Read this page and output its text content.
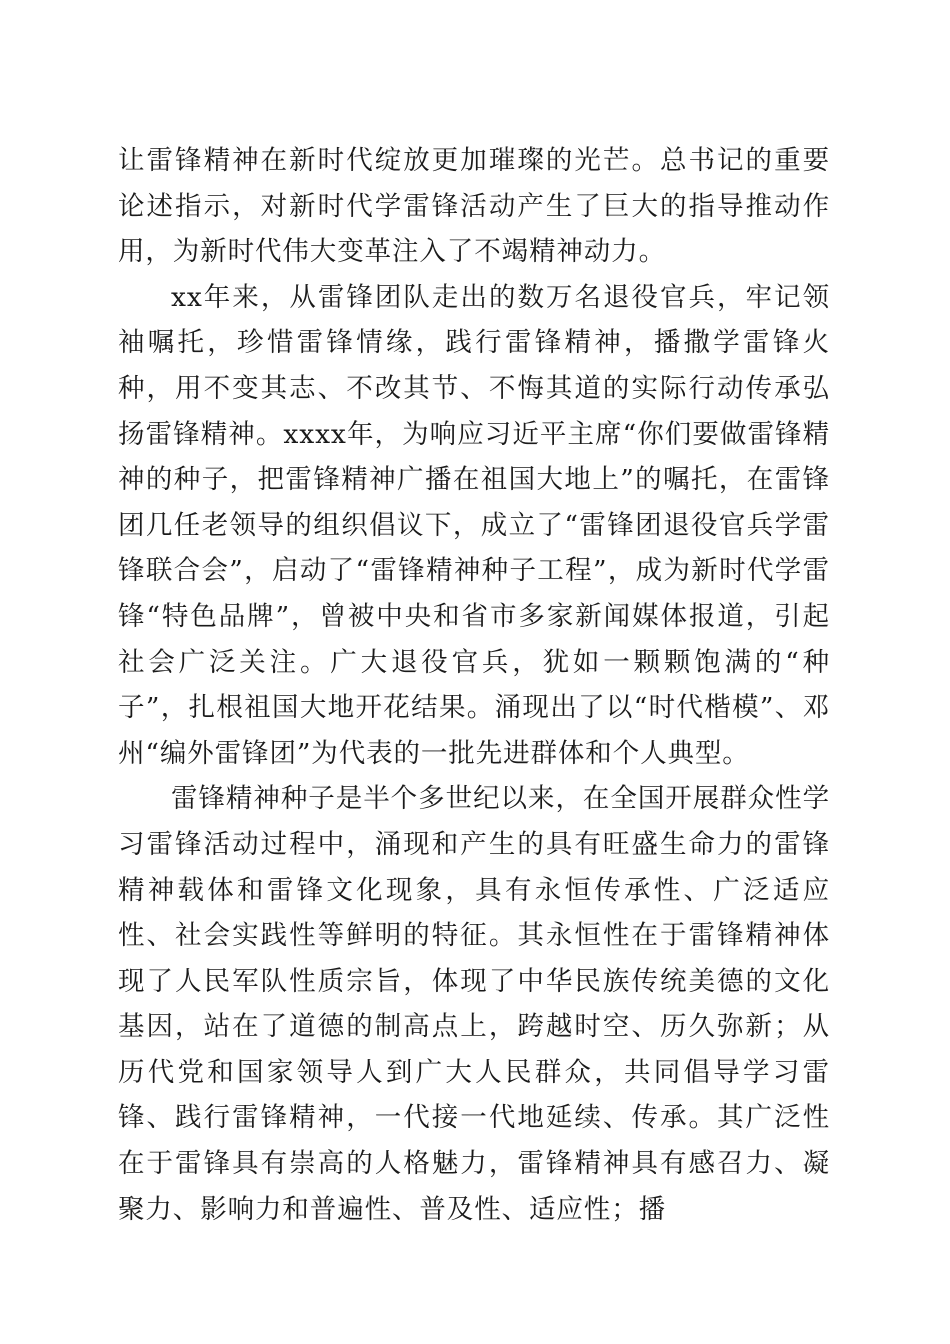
让雷锋精神在新时代绽放更加璀璨的光芒。总书记的重要论述指示，对新时代学雷锋活动产生了巨大的指导推动作用，为新时代伟大变革注入了不竭精神动力。

xx年来，从雷锋团队走出的数万名退役官兵，牢记领袖嘱托，珍惜雷锋情缘，践行雷锋精神，播撒学雷锋火种，用不变其志、不改其节、不悔其道的实际行动传承弘扬雷锋精神。xxxx年，为响应习近平主席“你们要做雷锋精神的种子，把雷锋精神广播在祖国大地上”的嘱托，在雷锋团几任老领导的组织倡议下，成立了“雷锋团退役官兵学雷锋联合会”，启动了“雷锋精神种子工程”，成为新时代学雷锋“特色品牌”，曾被中央和省市多家新闻媒体报道，引起社会广泛关注。广大退役官兵，犹如一颗颗饱满的“种子”，扎根祖国大地开花结果。涌现出了以“时代楷模”、邓州“编外雷锋团”为代表的一批先进群体和个人典型。

雷锋精神种子是半个多世纪以来，在全国开展群众性学习雷锋活动过程中，涌现和产生的具有旺盛生命力的雷锋精神载体和雷锋文化现象，具有永恒传承性、广泛适应性、社会实践性等鲜明的特征。其永恒性在于雷锋精神体现了人民军队性质宗旨，体现了中华民族传统美德的文化基因，站在了道德的制高点上，跨越时空、历久弥新；从历代党和国家领导人到广大人民群众，共同倡导学习雷锋、践行雷锋精神，一代接一代地延续、传承。其广泛性在于雷锋具有崇高的人格魅力，雷锋精神具有感召力、凝聚力、影响力和普遍性、普及性、适应性；播
